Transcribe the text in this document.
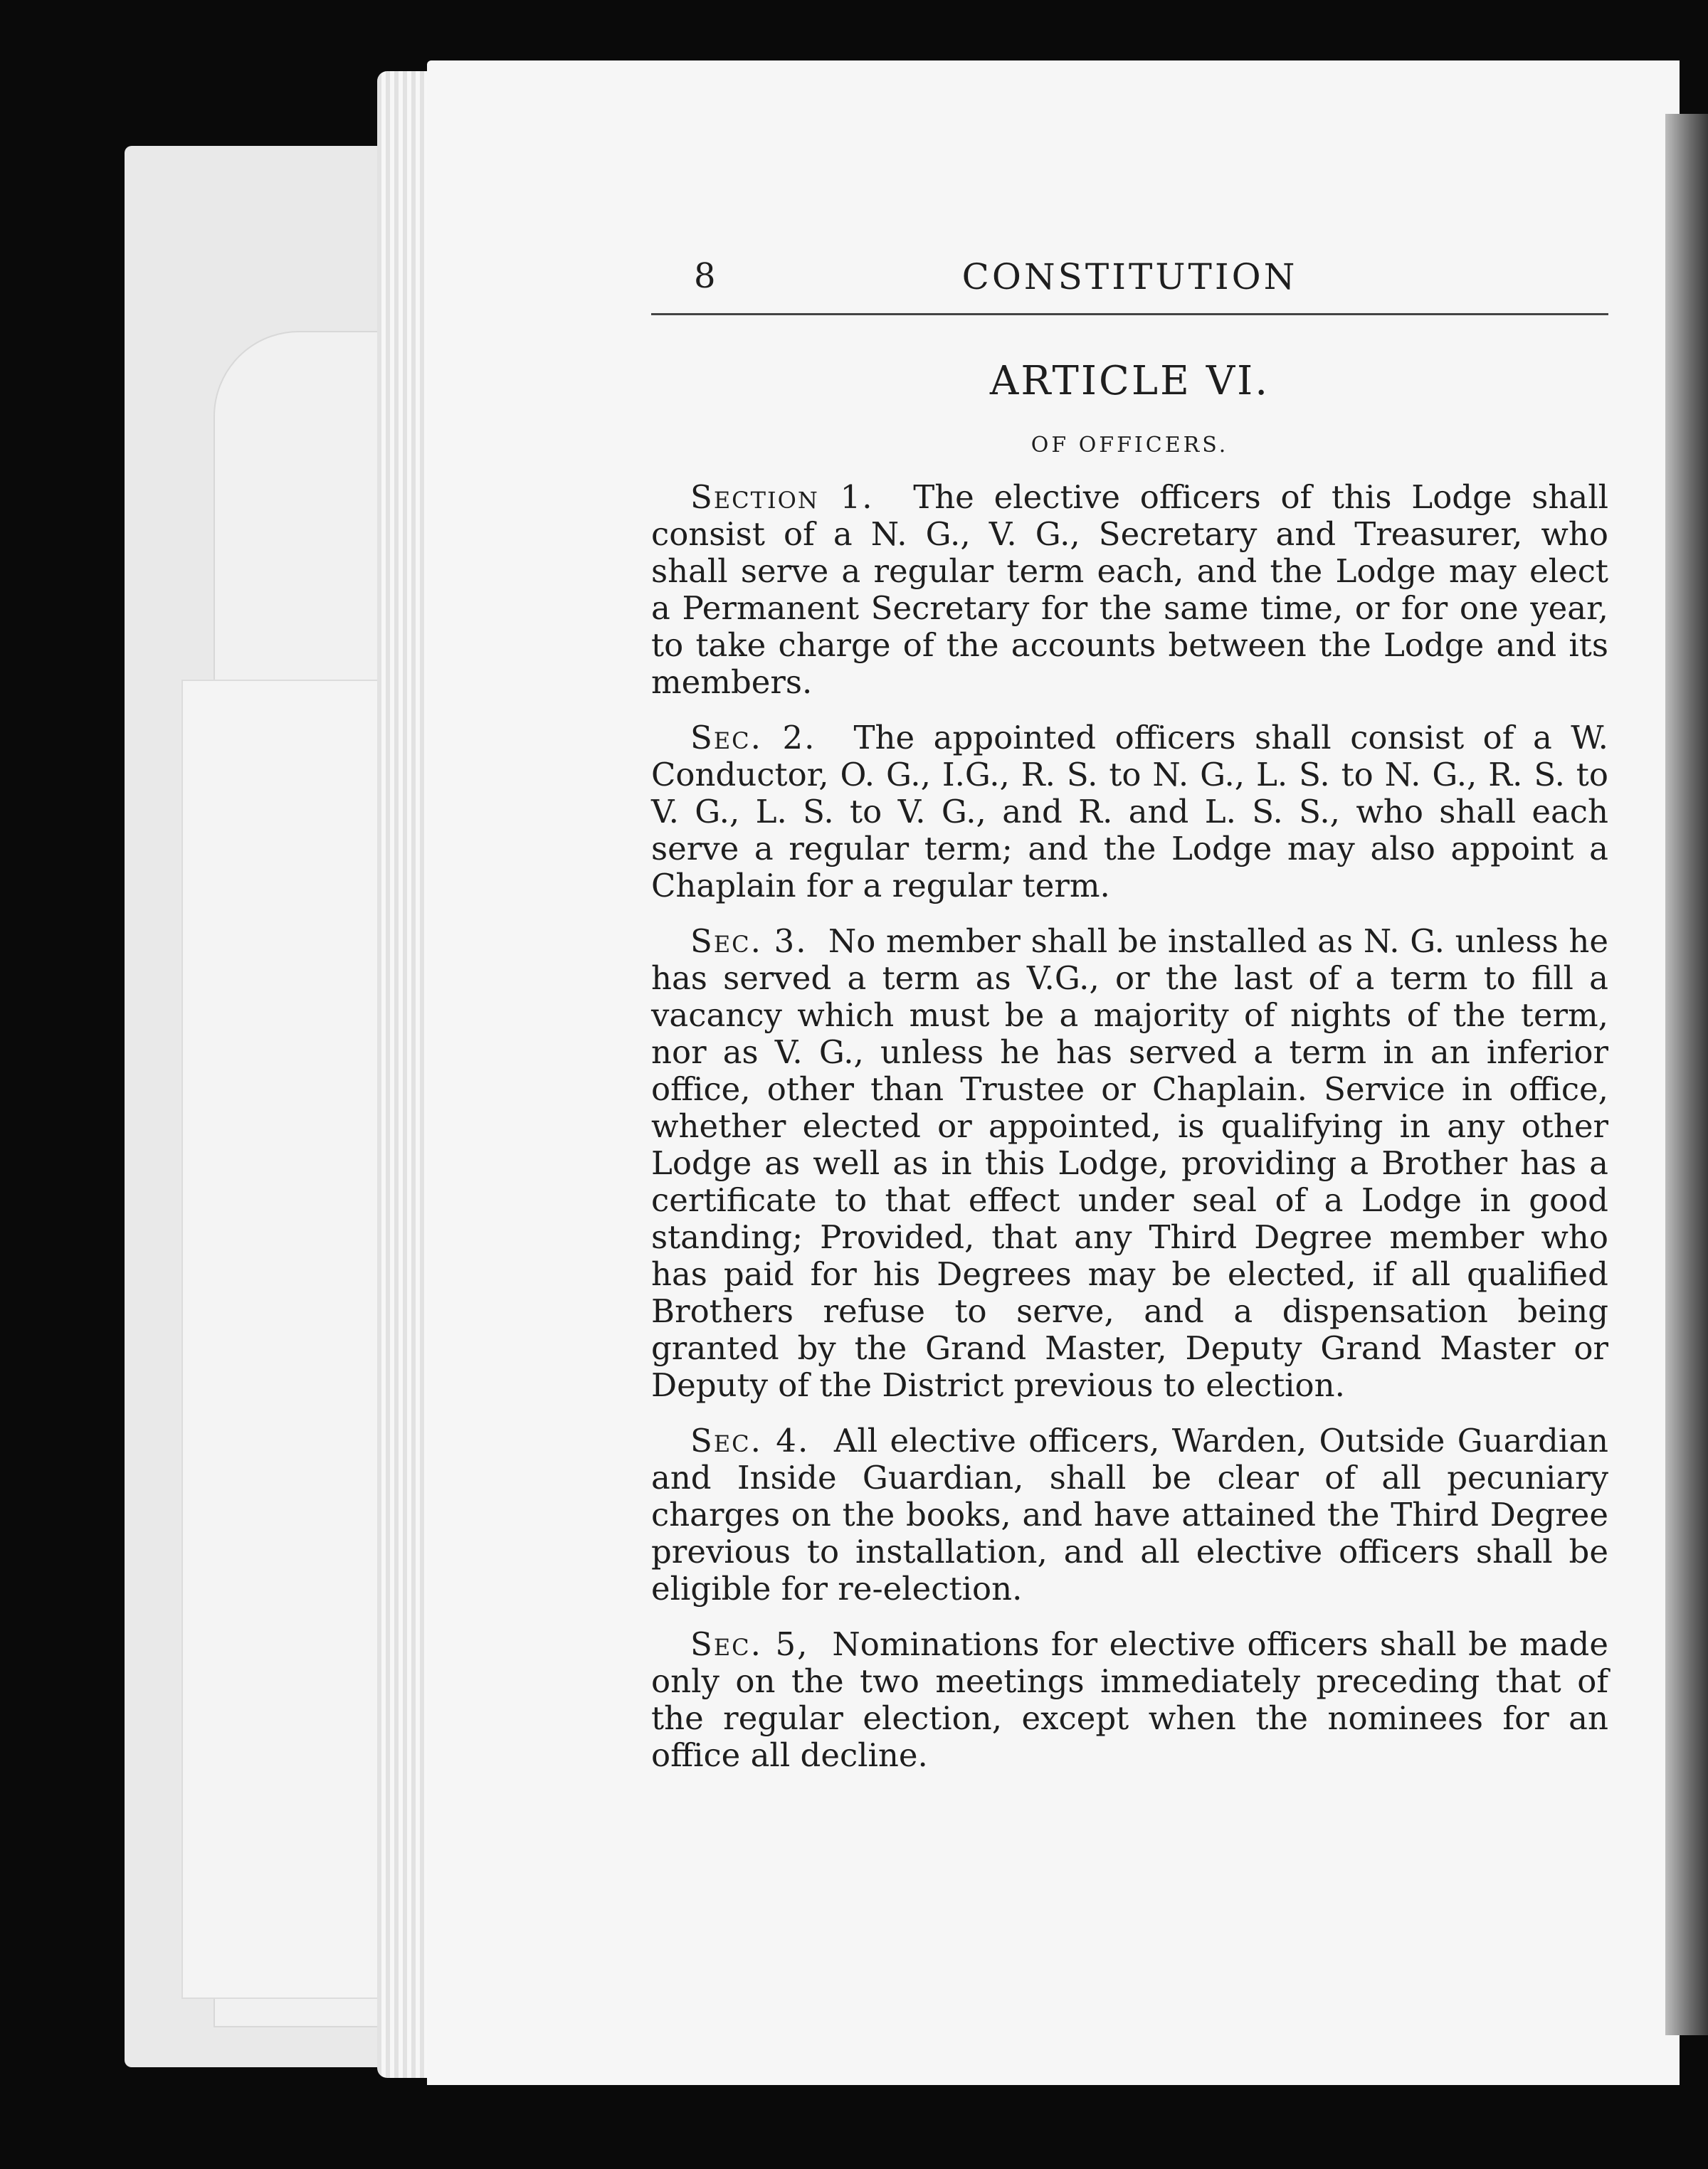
8	CONSTITUTION
ARTICLE VI.
OF OFFICERS.

Section 1. The elective officers of this Lodge shall consist of a N. G., V. G., Secretary and Treasurer, who shall serve a regular term each, and the Lodge may elect a Permanent Secretary for the same time, or for one year, to take charge of the accounts between the Lodge and its members.

Sec. 2. The appointed officers shall consist of a W. Conductor, O. G., I.G., R. S. to N. G., L. S. to N. G., R. S. to V. G., L. S. to V. G., and R. and L. S. S., who shall each serve a regular term; and the Lodge may also appoint a Chaplain for a regular term.

Sec. 3. No member shall be installed as N. G. unless he has served a term as V.G., or the last of a term to fill a vacancy which must be a majority of nights of the term, nor as V. G., unless he has served a term in an inferior office, other than Trustee or Chaplain. Service in office, whether elected or appointed, is qualifying in any other Lodge as well as in this Lodge, providing a Brother has a certificate to that effect under seal of a Lodge in good standing; Provided, that any Third Degree member who has paid for his Degrees may be elected, if all qualified Brothers refuse to serve, and a dispensation being granted by the Grand Master, Deputy Grand Master or Deputy of the District previous to election.

Sec. 4. All elective officers, Warden, Outside Guardian and Inside Guardian, shall be clear of all pecuniary charges on the books, and have attained the Third Degree previous to installation, and all elective officers shall be eligible for re-election.

Sec. 5, Nominations for elective officers shall be made only on the two meetings immediately preceding that of the regular election, except when the nominees for an office all decline.
